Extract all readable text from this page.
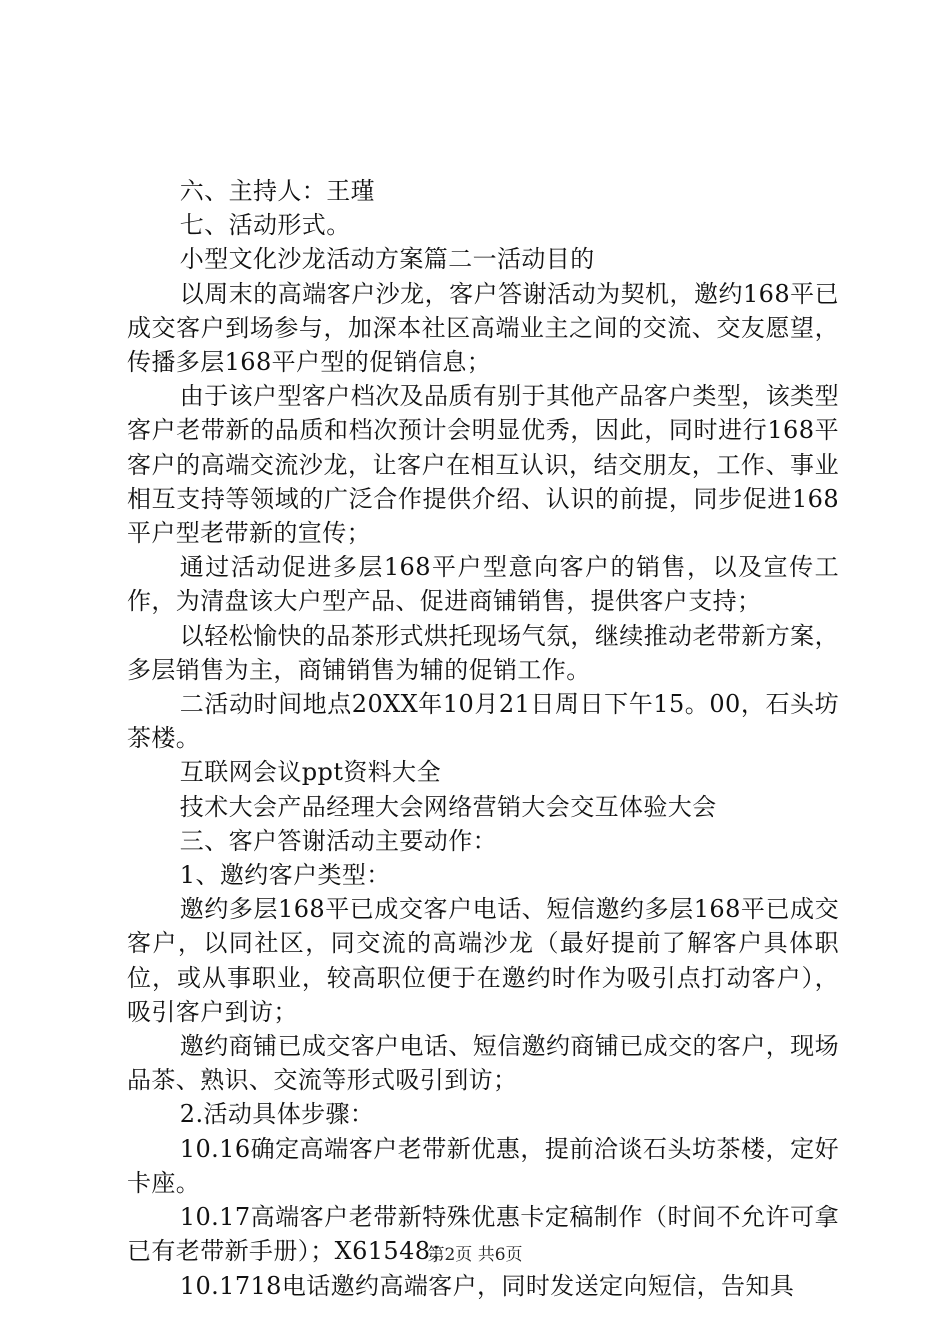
六、主持人：王瑾

七、活动形式。

小型文化沙龙活动方案篇二一活动目的

以周末的高端客户沙龙，客户答谢活动为契机，邀约168平已成交客户到场参与，加深本社区高端业主之间的交流、交友愿望，传播多层168平户型的促销信息；

由于该户型客户档次及品质有别于其他产品客户类型，该类型客户老带新的品质和档次预计会明显优秀，因此，同时进行168平客户的高端交流沙龙，让客户在相互认识，结交朋友，工作、事业相互支持等领域的广泛合作提供介绍、认识的前提，同步促进168平户型老带新的宣传；

通过活动促进多层168平户型意向客户的销售，以及宣传工作，为清盘该大户型产品、促进商铺销售，提供客户支持；

以轻松愉快的品茶形式烘托现场气氛，继续推动老带新方案，多层销售为主，商铺销售为辅的促销工作。

二活动时间地点20XX年10月21日周日下午15。00，石头坊茶楼。

互联网会议ppt资料大全

技术大会产品经理大会网络营销大会交互体验大会

三、客户答谢活动主要动作：

1、邀约客户类型：

邀约多层168平已成交客户电话、短信邀约多层168平已成交客户，以同社区，同交流的高端沙龙（最好提前了解客户具体职位，或从事职业，较高职位便于在邀约时作为吸引点打动客户），吸引客户到访；

邀约商铺已成交客户电话、短信邀约商铺已成交的客户，现场品茶、熟识、交流等形式吸引到访；

2.活动具体步骤：

10.16确定高端客户老带新优惠，提前洽谈石头坊茶楼，定好卡座。

10.17高端客户老带新特殊优惠卡定稿制作（时间不允许可拿已有老带新手册）；X61548；

10.1718电话邀约高端客户，同时发送定向短信，告知具

第2页 共6页
